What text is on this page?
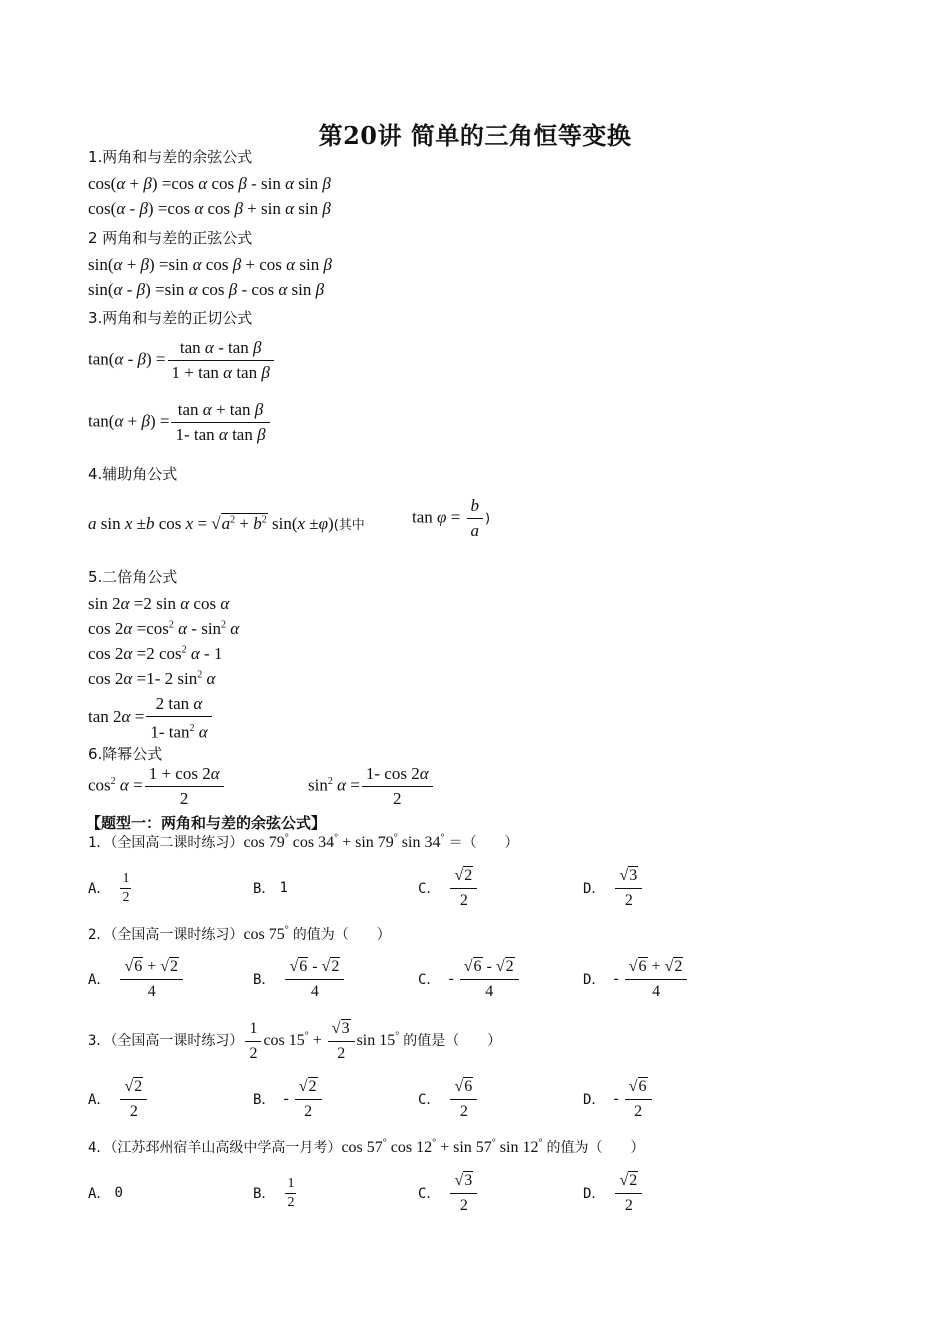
第20讲 简单的三角恒等变换
1.两角和与差的余弦公式
cos(α + β) =cos α cos β - sin α sin β
cos(α - β) =cos α cos β + sin α sin β
2 两角和与差的正弦公式
sin(α + β) =sin α cos β + cos α sin β
sin(α - β) =sin α cos β - cos α sin β
3.两角和与差的正切公式
$\tan(\alpha - \beta) = \frac{\text{tan α - tan β}}{\text{1 + tan α tan β}}$
$\tan(\alpha + \beta) = \frac{\text{tan α + tan β}}{\text{1- tan α tan β}}$
4.辅助角公式
a sin x ±b $\cos x = √a^2 + b^2$ sin(x ±φ)(其中	$\tan \varphi = \frac{b}{a}$ )
5.二倍角公式
sin 2α =2 sin α cos α
$\cos 2\alpha =\cos^2$ α - $\sin^2 \alpha$
cos 2α =2 $\cos^2 \alpha - 1$
cos 2α =1- 2 $\sin^2 \alpha$
$\tan 2\alpha = \frac{\text{2 tan α}}{1- \tan^2 \alpha}$
6.降幂公式
$\cos^2 \alpha = \frac{1 + \cos 2\alpha}{2}$	$\sin^2 \alpha = \frac{1- \cos 2\alpha}{2}$
【题型一：两角和与差的余弦公式】
1．（全国高二课时练习）cos 79° cos 34° + sin 79° sin 34° ＝（　　）
A． $\frac{1}{2}$	B． 1	C． $\frac{√2}{2}$	D． $\frac{√3}{2}$
2．（全国高一课时练习）cos 75° 的值为（　　）
A． $\frac{√6 + √2}{4}$	B． $\frac{√6 - √2}{4}$	C． - $\frac{√6 - √2}{4}$	D． - $\frac{√6 + √2}{4}$
3．（全国高一课时练习） $\frac{1}{2}$ $\cos 15^\circ + \frac{√3}{2}$ sin 15° 的值是（　　）
A． $\frac{√2}{2}$	B． - $\frac{√2}{2}$	C． $\frac{√6}{2}$	D． - $\frac{√6}{2}$
4．（江苏邳州宿羊山高级中学高一月考）cos 57° cos 12° + sin 57° sin 12° 的值为（　　）
A． 0	B． $\frac{1}{2}$	C． $\frac{√3}{2}$	D． $\frac{√2}{2}$
